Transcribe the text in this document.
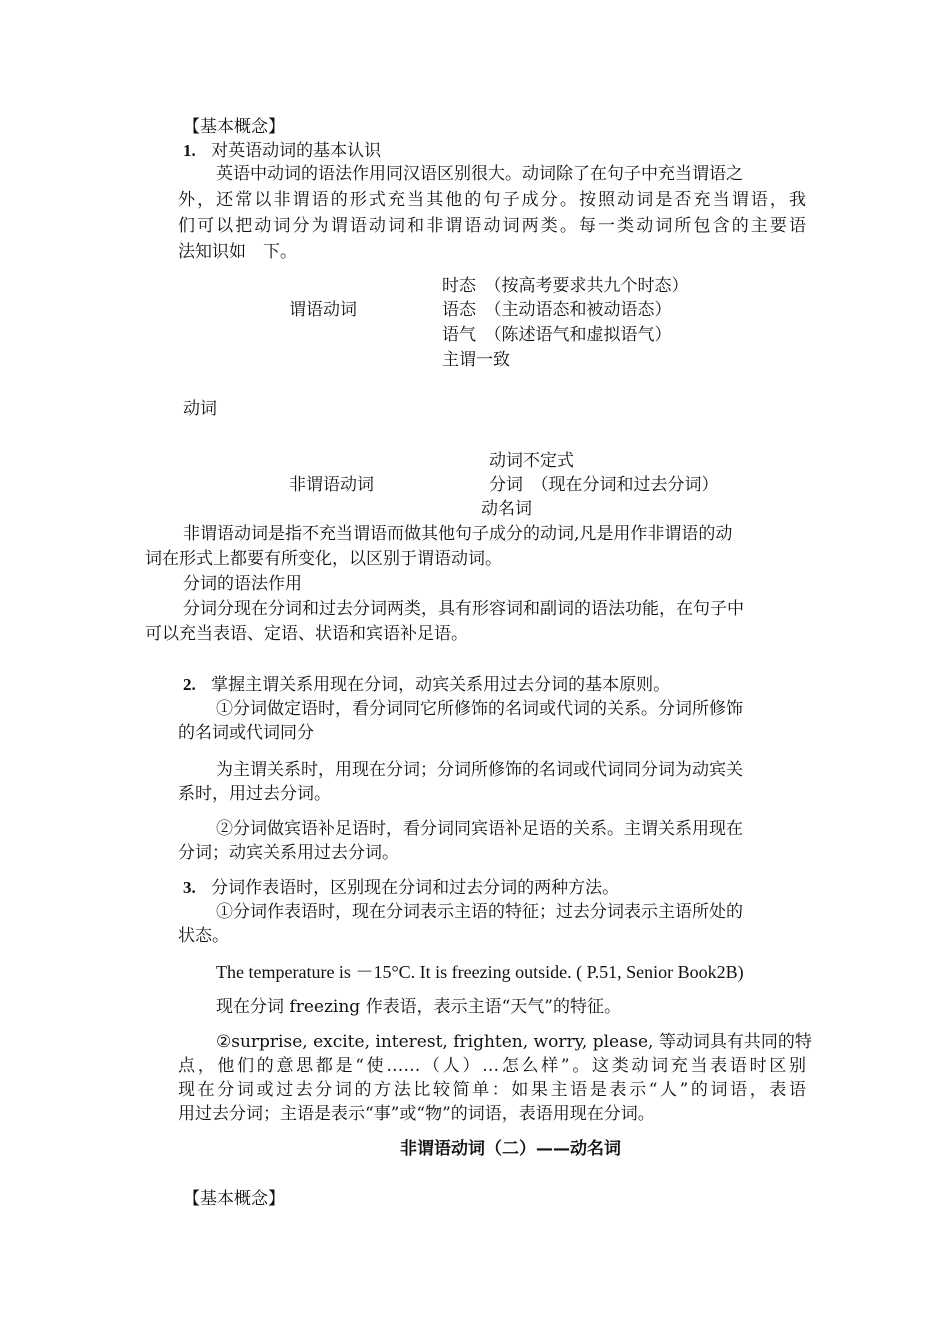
【基本概念】
1. 对英语动词的基本认识
英语中动词的语法作用同汉语区别很大。动词除了在句子中充当谓语之
外，还常以非谓语的形式充当其他的句子成分。按照动词是否充当谓语，我
们可以把动词分为谓语动词和非谓语动词两类。每一类动词所包含的主要语
法知识如　下。
时态　（按高考要求共九个时态）
谓语动词	语态　（主动语态和被动语态）
语气　（陈述语气和虚拟语气）
主谓一致
动词
动词不定式
非谓语动词	分词　（现在分词和过去分词）
动名词
非谓语动词是指不充当谓语而做其他句子成分的动词,凡是用作非谓语的动
词在形式上都要有所变化，以区别于谓语动词。
分词的语法作用
分词分现在分词和过去分词两类，具有形容词和副词的语法功能，在句子中
可以充当表语、定语、状语和宾语补足语。
2. 掌握主谓关系用现在分词，动宾关系用过去分词的基本原则。
①分词做定语时，看分词同它所修饰的名词或代词的关系。分词所修饰
的名词或代词同分
为主谓关系时，用现在分词；分词所修饰的名词或代词同分词为动宾关
系时，用过去分词。
②分词做宾语补足语时，看分词同宾语补足语的关系。主谓关系用现在
分词；动宾关系用过去分词。
3. 分词作表语时，区别现在分词和过去分词的两种方法。
①分词作表语时，现在分词表示主语的特征；过去分词表示主语所处的
状态。
The temperature is －15°C. It is freezing outside. ( P.51, Senior Book2B)
现在分词 freezing 作表语，表示主语“天气”的特征。
②surprise, excite, interest, frighten, worry, please, 等动词具有共同的特
点，他们的意思都是“使……（人）…怎么样”。这类动词充当表语时区别
现在分词或过去分词的方法比较简单：如果主语是表示“人”的词语，表语
用过去分词；主语是表示“事”或“物”的词语，表语用现在分词。
非谓语动词（二）——动名词
【基本概念】
